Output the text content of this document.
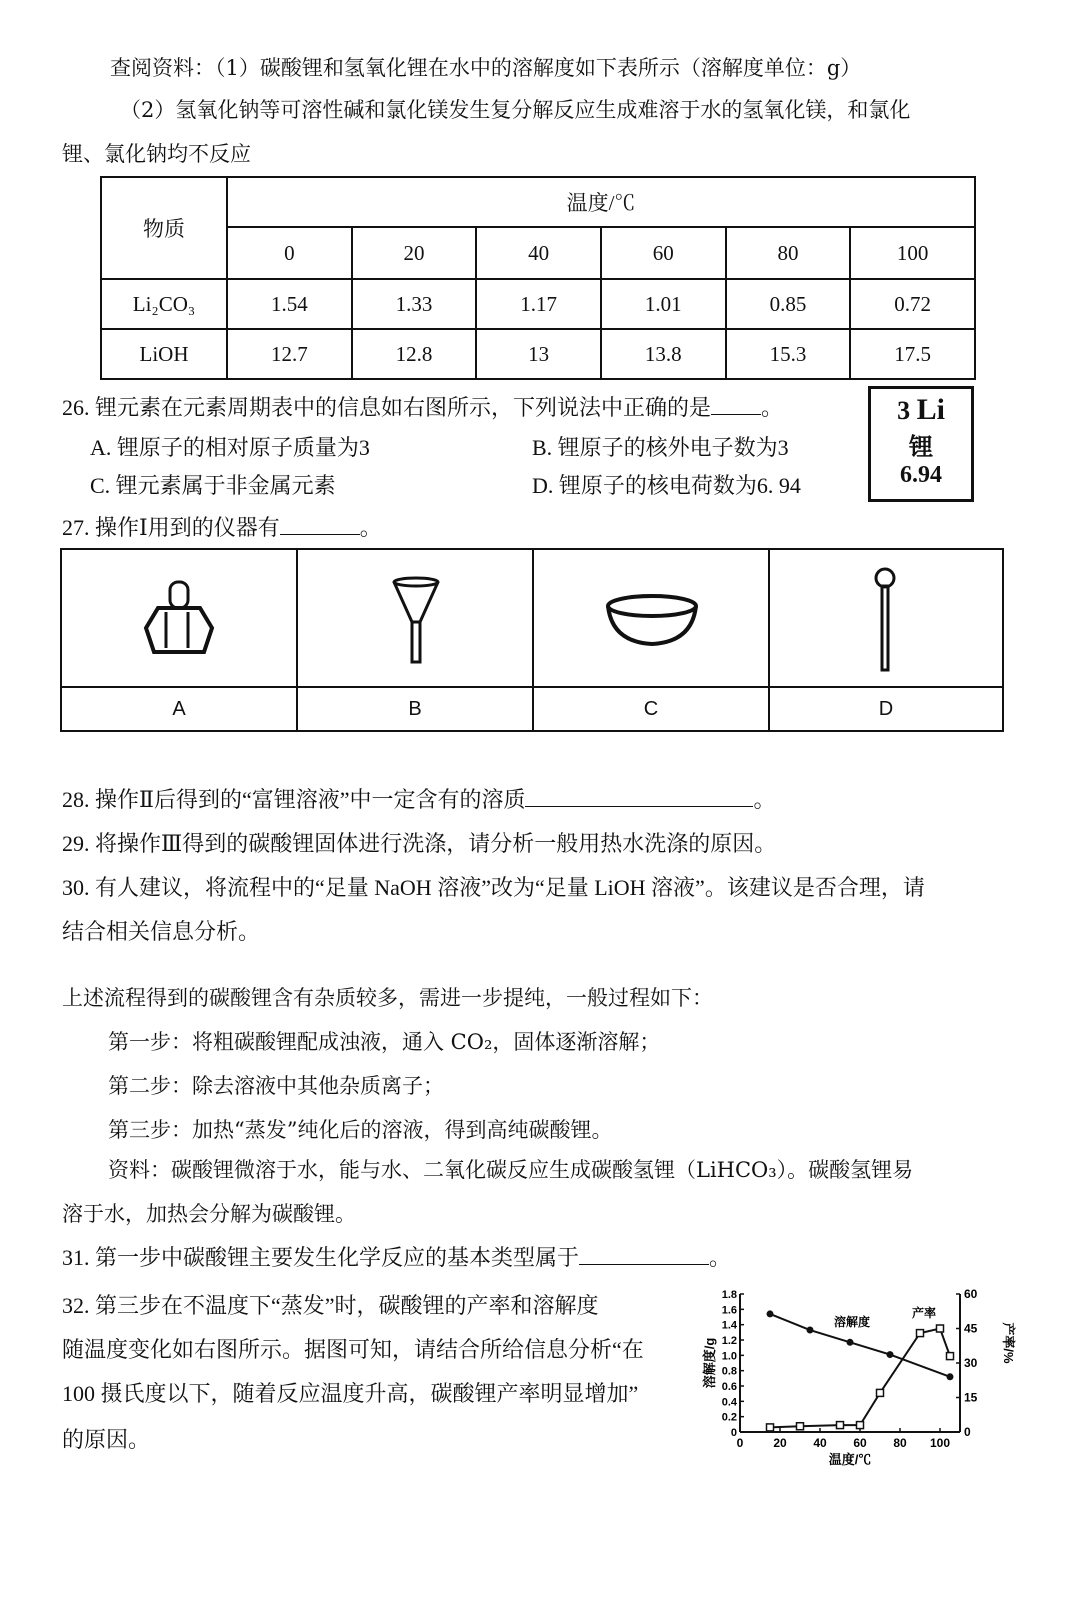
查阅资料：（1）碳酸锂和氢氧化锂在水中的溶解度如下表所示（溶解度单位：g）
（2）氢氧化钠等可溶性碱和氯化镁发生复分解反应生成难溶于水的氢氧化镁，和氯化
锂、氯化钠均不反应
物质	温度/℃					
	0	20	40	60	80	100
Li₂CO₃	1.54	1.33	1.17	1.01	0.85	0.72
LiOH	12.7	12.8	13	13.8	15.3	17.5
26. 锂元素在元素周期表中的信息如右图所示，下列说法中正确的是 。
A. 锂原子的相对原子质量为3	B. 锂原子的核外电子数为3
C. 锂元素属于非金属元素	D. 锂原子的核电荷数为6. 94
3 Li
锂
6.94
27. 操作Ⅰ用到的仪器有	。
A	B	C	D
28. 操作Ⅱ后得到的“富锂溶液”中一定含有的溶质	。
29. 将操作Ⅲ得到的碳酸锂固体进行洗涤，请分析一般用热水洗涤的原因。
30. 有人建议，将流程中的“足量 NaOH 溶液”改为“足量 LiOH 溶液”。该建议是否合理，请
结合相关信息分析。
上述流程得到的碳酸锂含有杂质较多，需进一步提纯，一般过程如下：
第一步：将粗碳酸锂配成浊液，通入 CO₂，固体逐渐溶解；
第二步：除去溶液中其他杂质离子；
第三步：加热“蒸发”纯化后的溶液，得到高纯碳酸锂。
资料：碳酸锂微溶于水，能与水、二氧化碳反应生成碳酸氢锂（LiHCO₃）。碳酸氢锂易
溶于水，加热会分解为碳酸锂。
31. 第一步中碳酸锂主要发生化学反应的基本类型属于	。
32. 第三步在不温度下“蒸发”时，碳酸锂的产率和溶解度
随温度变化如右图所示。据图可知，请结合所给信息分析“在
100 摄氏度以下，随着反应温度升高，碳酸锂产率明显增加”
的原因。	0
0.2
0.4
0.6
0.8
1.0
1.2
1.4
1.6
1.8
0
15
30
45
60
0 20 40 60 80 100
温度/℃
溶解度/g	产率/%
溶解度
产率
